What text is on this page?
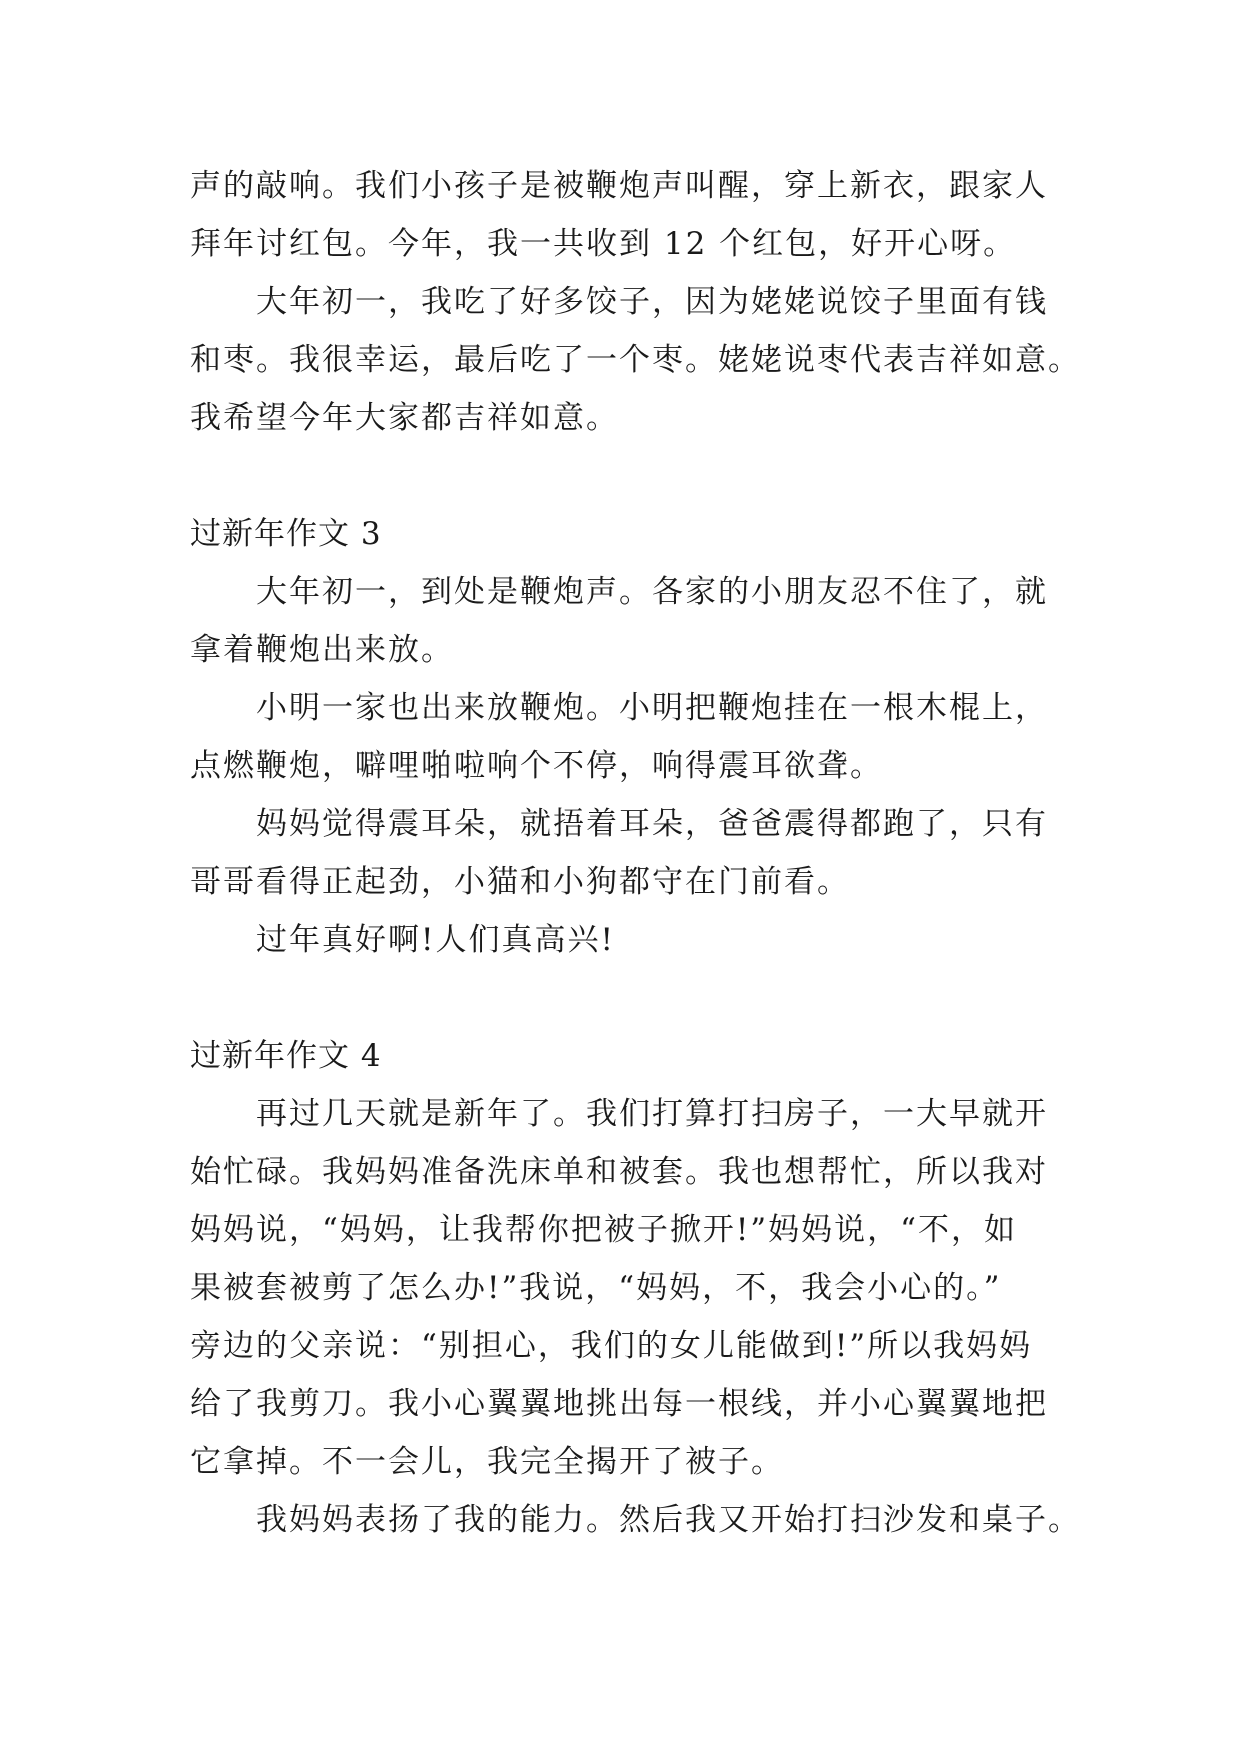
声的敲响。我们小孩子是被鞭炮声叫醒，穿上新衣，跟家人
拜年讨红包。今年，我一共收到 12 个红包，好开心呀。
大年初一，我吃了好多饺子，因为姥姥说饺子里面有钱
和枣。我很幸运，最后吃了一个枣。姥姥说枣代表吉祥如意。
我希望今年大家都吉祥如意。
过新年作文 3
大年初一，到处是鞭炮声。各家的小朋友忍不住了，就
拿着鞭炮出来放。
小明一家也出来放鞭炮。小明把鞭炮挂在一根木棍上，
点燃鞭炮，噼哩啪啦响个不停，响得震耳欲聋。
妈妈觉得震耳朵，就捂着耳朵，爸爸震得都跑了，只有
哥哥看得正起劲，小猫和小狗都守在门前看。
过年真好啊!人们真高兴!
过新年作文 4
再过几天就是新年了。我们打算打扫房子，一大早就开
始忙碌。我妈妈准备洗床单和被套。我也想帮忙，所以我对
妈妈说，“妈妈，让我帮你把被子掀开!”妈妈说，“不，如
果被套被剪了怎么办!”我说，“妈妈，不，我会小心的。”
旁边的父亲说：“别担心，我们的女儿能做到!”所以我妈妈
给了我剪刀。我小心翼翼地挑出每一根线，并小心翼翼地把
它拿掉。不一会儿，我完全揭开了被子。
我妈妈表扬了我的能力。然后我又开始打扫沙发和桌子。
